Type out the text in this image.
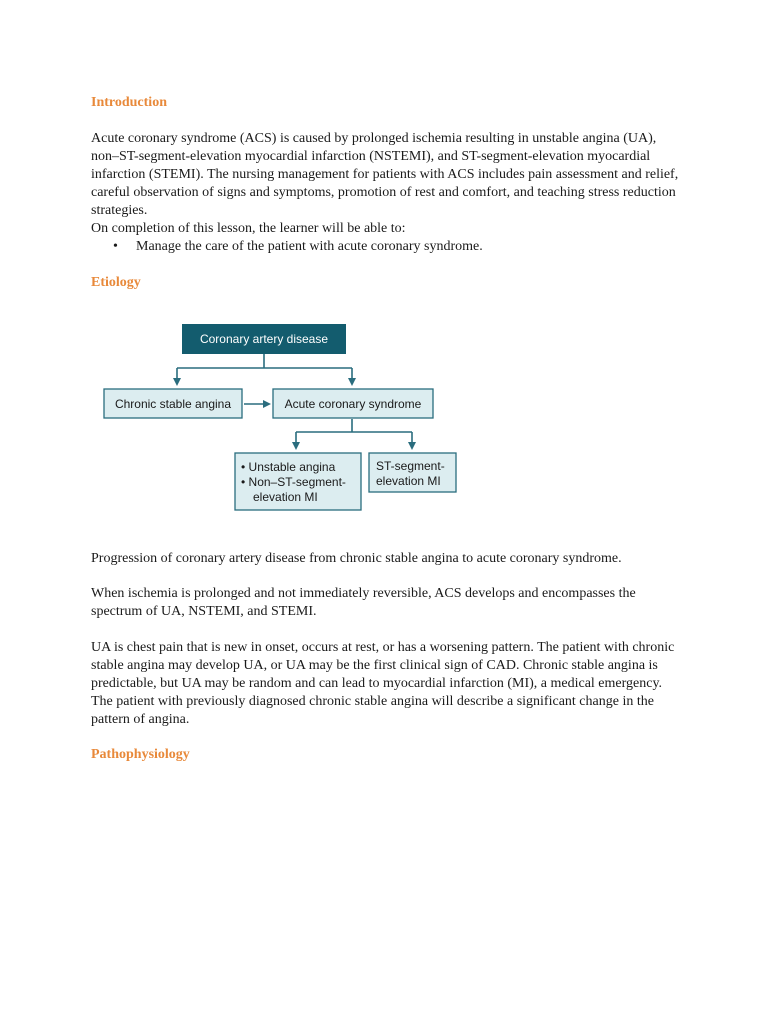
Introduction

Acute coronary syndrome (ACS) is caused by prolonged ischemia resulting in unstable angina (UA), non–ST-segment-elevation myocardial infarction (NSTEMI), and ST-segment-elevation myocardial infarction (STEMI). The nursing management for patients with ACS includes pain assessment and relief, careful observation of signs and symptoms, promotion of rest and comfort, and teaching stress reduction strategies.

On completion of this lesson, the learner will be able to:

• Manage the care of the patient with acute coronary syndrome.
Etiology

Progression of coronary artery disease from chronic stable angina to acute coronary syndrome.

When ischemia is prolonged and not immediately reversible, ACS develops and encompasses the spectrum of UA, NSTEMI, and STEMI.

UA is chest pain that is new in onset, occurs at rest, or has a worsening pattern. The patient with chronic stable angina may develop UA, or UA may be the first clinical sign of CAD. Chronic stable angina is predictable, but UA may be random and can lead to myocardial infarction (MI), a medical emergency. The patient with previously diagnosed chronic stable angina will describe a significant change in the pattern of angina.

Pathophysiology
Coronary artery disease
Chronic stable angina	Acute coronary syndrome
• Unstable angina
• Non–ST-segment-
elevation MI
ST-segment-
elevation MI
